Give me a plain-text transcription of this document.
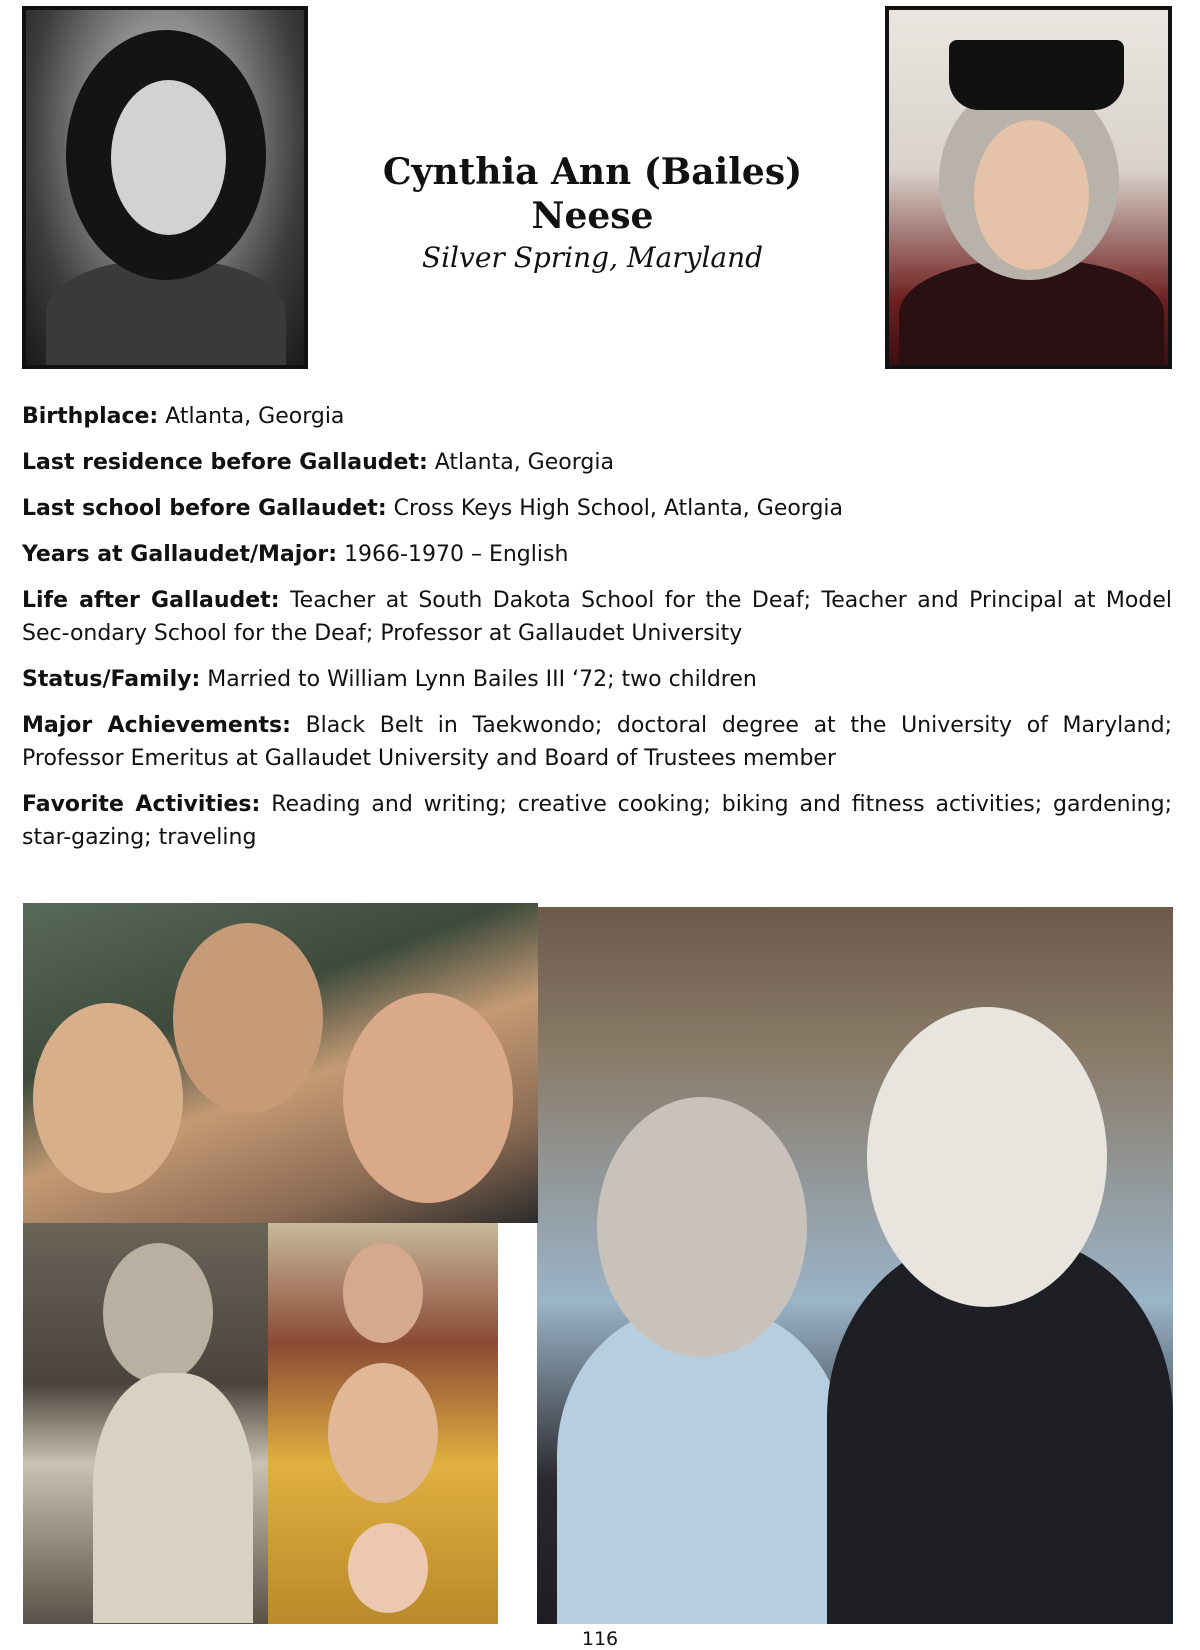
Cynthia Ann (Bailes) Neese
Silver Spring, Maryland
Birthplace: Atlanta, Georgia
Last residence before Gallaudet: Atlanta, Georgia
Last school before Gallaudet: Cross Keys High School, Atlanta, Georgia
Years at Gallaudet/Major: 1966-1970 – English
Life after Gallaudet: Teacher at South Dakota School for the Deaf; Teacher and Principal at Model Sec-ondary School for the Deaf; Professor at Gallaudet University
Status/Family: Married to William Lynn Bailes III ‘72; two children
Major Achievements: Black Belt in Taekwondo; doctoral degree at the University of Maryland; Professor Emeritus at Gallaudet University and Board of Trustees member
Favorite Activities: Reading and writing; creative cooking; biking and fitness activities; gardening; star-gazing; traveling
116
